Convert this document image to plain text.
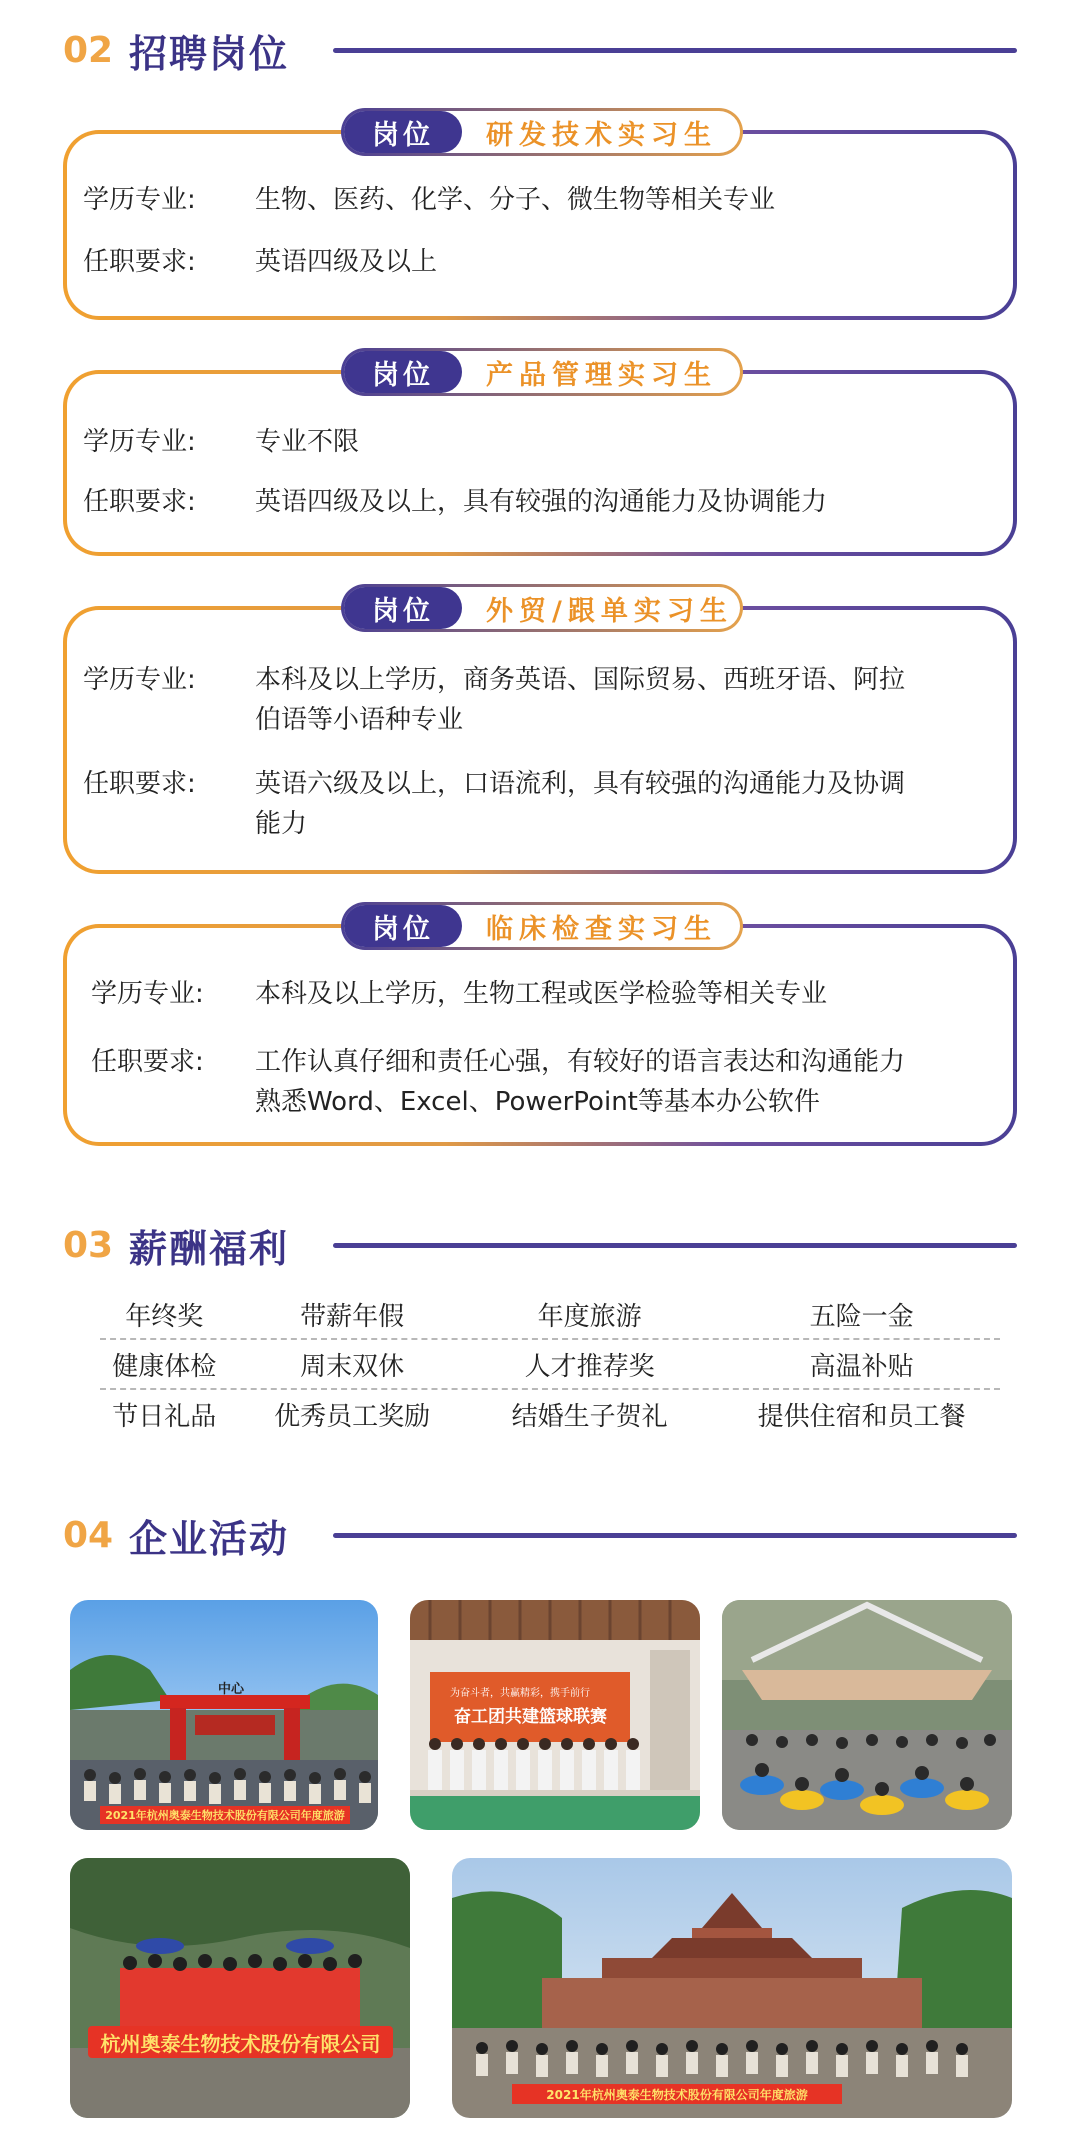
02 招聘岗位
岗位	研发技术实习生
学历专业:	生物、医药、化学、分子、微生物等相关专业
任职要求:	英语四级及以上
岗位	产品管理实习生
学历专业:	专业不限
任职要求:	英语四级及以上，具有较强的沟通能力及协调能力
岗位	外贸/跟单实习生
学历专业:	本科及以上学历，商务英语、国际贸易、西班牙语、阿拉
伯语等小语种专业
任职要求:	英语六级及以上，口语流利，具有较强的沟通能力及协调
能力
岗位	临床检查实习生
学历专业:	本科及以上学历，生物工程或医学检验等相关专业
任职要求:	工作认真仔细和责任心强，有较好的语言表达和沟通能力
熟悉Word、Excel、PowerPoint等基本办公软件
03 薪酬福利
年终奖	带薪年假	年度旅游	五险一金
健康体检	周末双休	人才推荐奖	高温补贴
节日礼品	优秀员工奖励	结婚生子贺礼	提供住宿和员工餐
04 企业活动
2021年杭州奥泰生物技术股份有限公司年度旅游
中心	为奋斗者，共赢精彩，携手前行
奋工团共建篮球联赛
杭州奥泰生物技术股份有限公司
2021年杭州奥泰生物技术股份有限公司年度旅游
